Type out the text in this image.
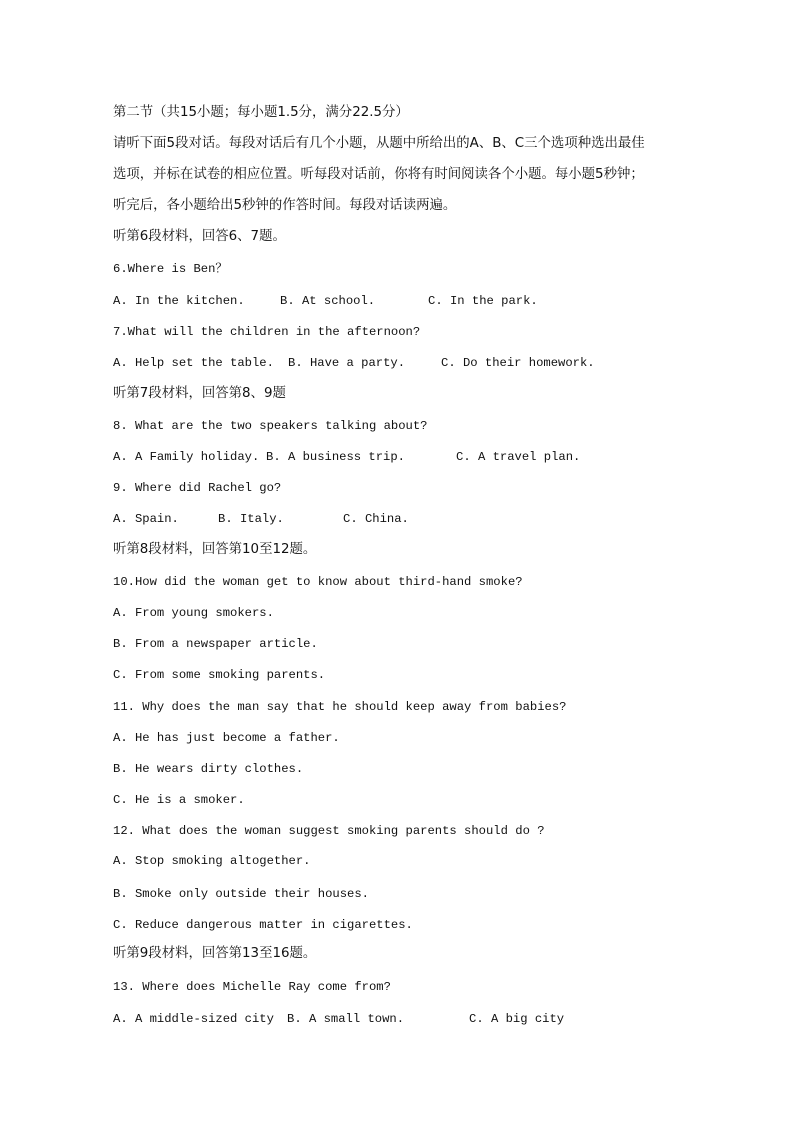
第二节（共15小题；每小题1.5分，满分22.5分）
请听下面5段对话。每段对话后有几个小题，从题中所给出的A、B、C三个选项种选出最佳
选项，并标在试卷的相应位置。听每段对话前，你将有时间阅读各个小题。每小题5秒钟；
听完后，各小题给出5秒钟的作答时间。每段对话读两遍。
听第6段材料，回答6、7题。
6.Where is Ben？
A. In the kitchen.	B. At school.	C. In the park.
7.What will the children in the afternoon?
A. Help set the table. B. Have a party.	C. Do their homework.
听第7段材料，回答第8、9题
8. What are the two speakers talking about?
A. A Family holiday. B. A business trip.	C. A travel plan.
9. Where did Rachel go?
A. Spain.	B. Italy.	C. China.
听第8段材料，回答第10至12题。
10.How did the woman get to know about third-hand smoke?
A. From young smokers.
B. From a newspaper article.
C. From some smoking parents.
11. Why does the man say that he should keep away from babies?
A. He has just become a father.
B. He wears dirty clothes.
C. He is a smoker.
12. What does the woman suggest smoking parents should do ?
A. Stop smoking altogether.
B. Smoke only outside their houses.
C. Reduce dangerous matter in cigarettes.
听第9段材料，回答第13至16题。
13. Where does Michelle Ray come from?
A. A middle-sized city B. A small town.	C. A big city
